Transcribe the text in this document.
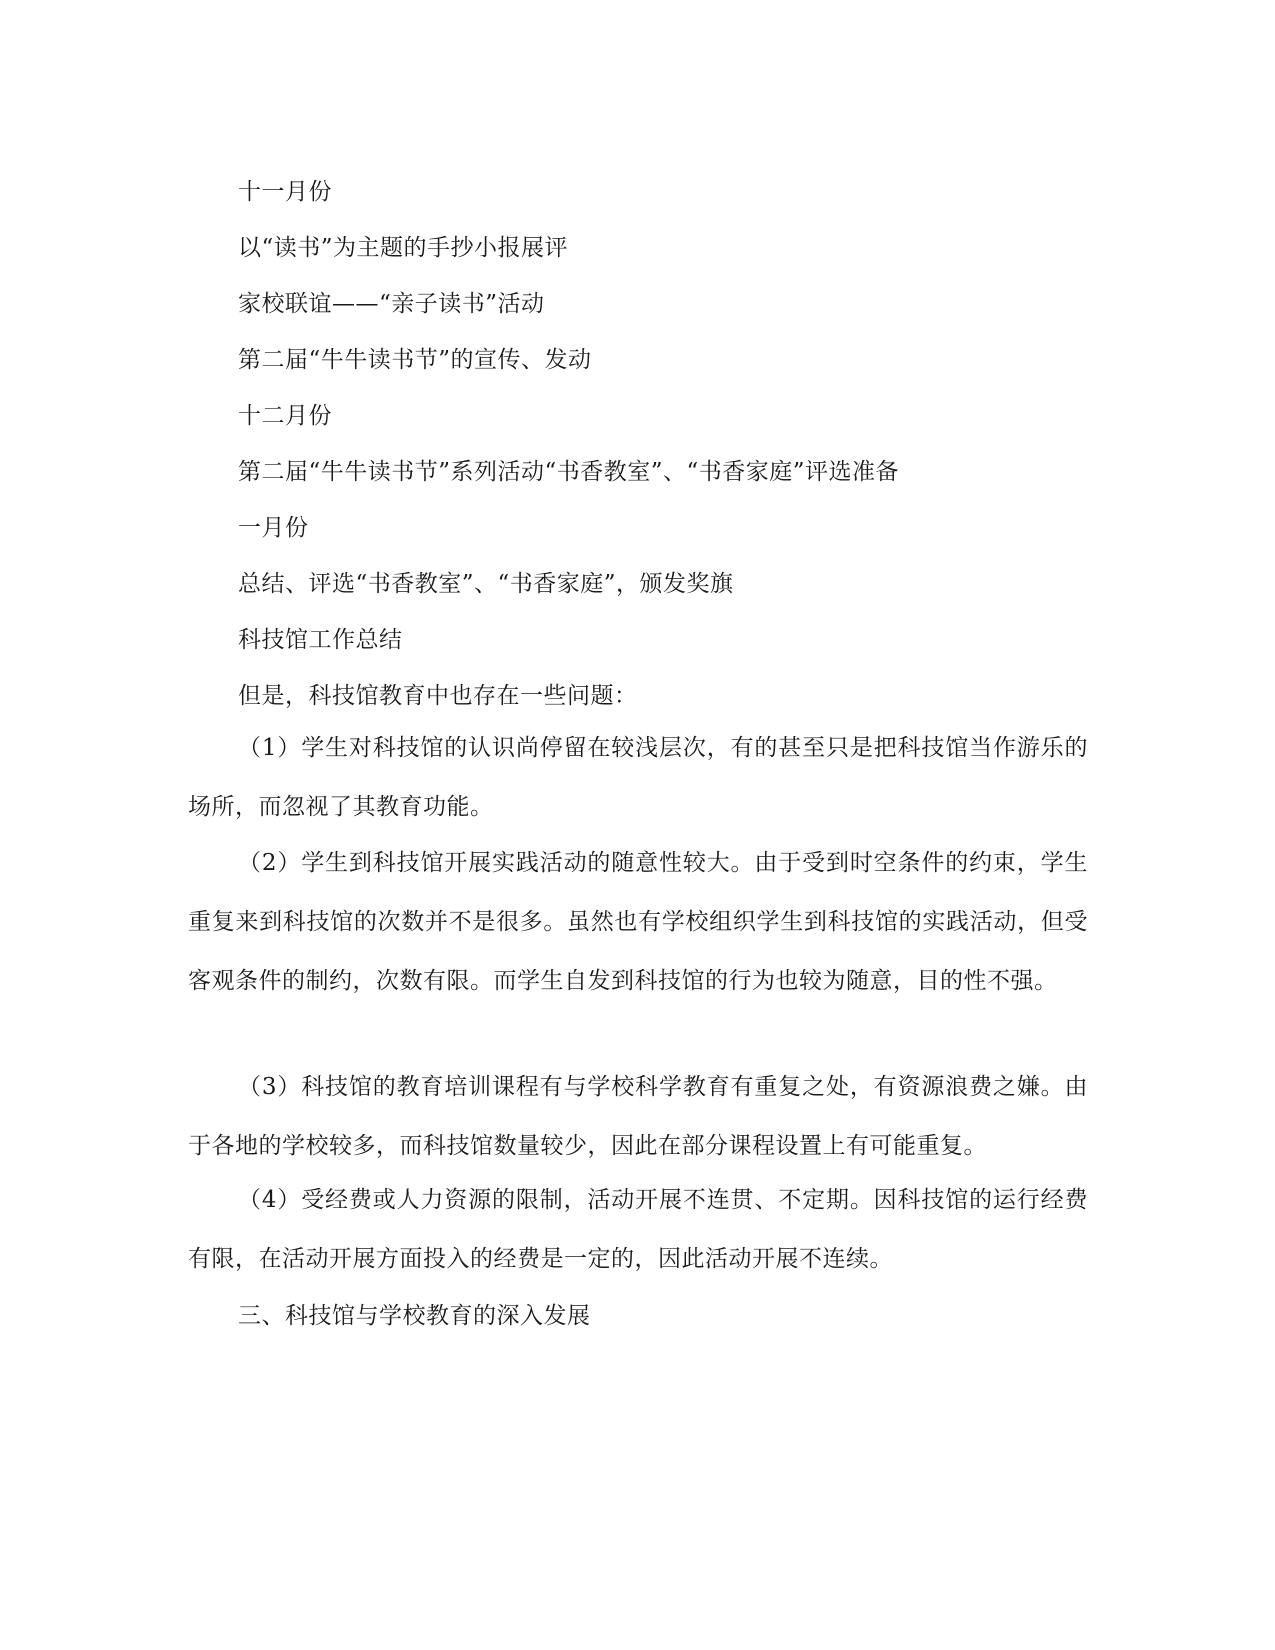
十一月份
以“读书”为主题的手抄小报展评
家校联谊——“亲子读书”活动
第二届“牛牛读书节”的宣传、发动
十二月份
第二届“牛牛读书节”系列活动“书香教室”、“书香家庭”评选准备
一月份
总结、评选“书香教室”、“书香家庭”，颁发奖旗
科技馆工作总结
但是，科技馆教育中也存在一些问题：
（1）学生对科技馆的认识尚停留在较浅层次，有的甚至只是把科技馆当作游乐的场所，而忽视了其教育功能。
（2）学生到科技馆开展实践活动的随意性较大。由于受到时空条件的约束，学生重复来到科技馆的次数并不是很多。虽然也有学校组织学生到科技馆的实践活动，但受客观条件的制约，次数有限。而学生自发到科技馆的行为也较为随意，目的性不强。
（3）科技馆的教育培训课程有与学校科学教育有重复之处，有资源浪费之嫌。由于各地的学校较多，而科技馆数量较少，因此在部分课程设置上有可能重复。
（4）受经费或人力资源的限制，活动开展不连贯、不定期。因科技馆的运行经费有限，在活动开展方面投入的经费是一定的，因此活动开展不连续。
三、科技馆与学校教育的深入发展
